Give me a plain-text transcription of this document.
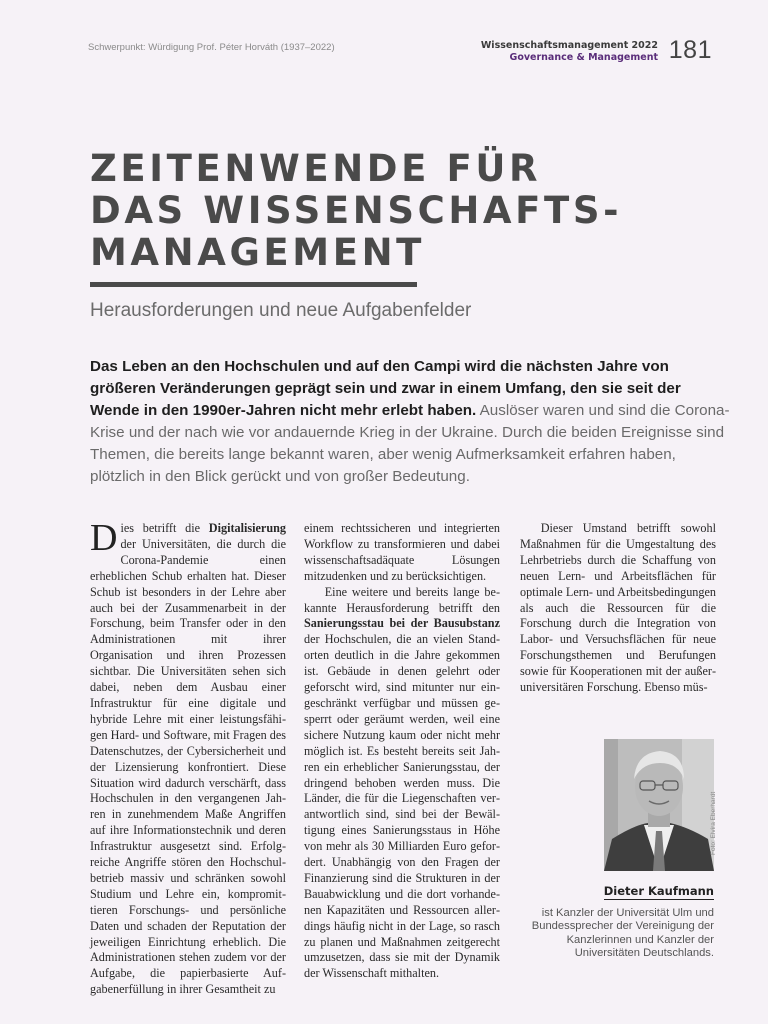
Schwerpunkt: Würdigung Prof. Péter Horváth (1937–2022)	Wissenschaftsmanagement 2022
Governance & Management 181
ZEITENWENDE FÜR
DAS WISSENSCHAFTS-
MANAGEMENT
Herausforderungen und neue Aufgabenfelder

Das Leben an den Hochschulen und auf den Campi wird die nächsten Jahre von größeren Veränderungen geprägt sein und zwar in einem Umfang, den sie seit der Wende in den 1990er-Jahren nicht mehr erlebt haben. Auslöser waren und sind die Corona-Krise und der nach wie vor andauernde Krieg in der Ukraine. Durch die beiden Ereignisse sind Themen, die bereits lange bekannt waren, aber wenig Aufmerksamkeit erfahren haben, plötzlich in den Blick gerückt und von großer Bedeutung.

Dies betrifft die Digitalisierung der Universitäten, die durch die Corona-Pandemie einen erheblichen Schub erhalten hat. Dieser Schub ist besonders in der Lehre aber auch bei der Zusammenarbeit in der Forschung, beim Transfer oder in den Administrationen mit ihrer Organisation und ihren Prozessen sichtbar. Die Universitäten sehen sich dabei, neben dem Ausbau einer Infrastruktur für eine digitale und hybride Lehre mit einer leistungsfähigen Hard- und Software, mit Fragen des Datenschutzes, der Cybersicherheit und der Lizensierung konfrontiert. Diese Situation wird dadurch verschärft, dass Hochschulen in den vergangenen Jahren in zunehmendem Maße Angriffen auf ihre Informationstechnik und deren Infrastruktur ausgesetzt sind. Erfolgreiche Angriffe stören den Hochschulbetrieb massiv und schränken sowohl Studium und Lehre ein, kompromittieren Forschungs- und persönliche Daten und schaden der Reputation der jeweiligen Einrichtung erheblich. Die Administrationen stehen zudem vor der Aufgabe, die papierbasierte Aufgabenerfüllung in ihrer Gesamtheit zu

einem rechtssicheren und integrierten Workflow zu transformieren und dabei wissenschaftsadäquate Lösungen mitzudenken und zu berücksichtigen.

Eine weitere und bereits lange bekannte Herausforderung betrifft den Sanierungsstau bei der Bausubstanz der Hochschulen, die an vielen Standorten deutlich in die Jahre gekommen ist. Gebäude in denen gelehrt oder geforscht wird, sind mitunter nur eingeschränkt verfügbar und müssen gesperrt oder geräumt werden, weil eine sichere Nutzung kaum oder nicht mehr möglich ist. Es besteht bereits seit Jahren ein erheblicher Sanierungsstau, der dringend behoben werden muss. Die Länder, die für die Liegenschaften verantwortlich sind, sind bei der Bewältigung eines Sanierungsstaus in Höhe von mehr als 30 Milliarden Euro gefordert. Unabhängig von den Fragen der Finanzierung sind die Strukturen in der Bauabwicklung und die dort vorhandenen Kapazitäten und Ressourcen allerdings häufig nicht in der Lage, so rasch zu planen und Maßnahmen zeitgerecht umzusetzen, dass sie mit der Dynamik der Wissenschaft mithalten.

Dieser Umstand betrifft sowohl Maßnahmen für die Umgestaltung des Lehrbetriebs durch die Schaffung von neuen Lern- und Arbeitsflächen für optimale Lern- und Arbeitsbedingungen als auch die Ressourcen für die Forschung durch die Integration von Labor- und Versuchsflächen für neue Forschungsthemen und Berufungen sowie für Kooperationen mit der außeruniversitären Forschung. Ebenso müs-

Foto: Elvira Eberhardt
Dieter Kaufmann

ist Kanzler der Universität Ulm und Bundessprecher der Vereinigung der Kanzlerinnen und Kanzler der Universitäten Deutschlands.
